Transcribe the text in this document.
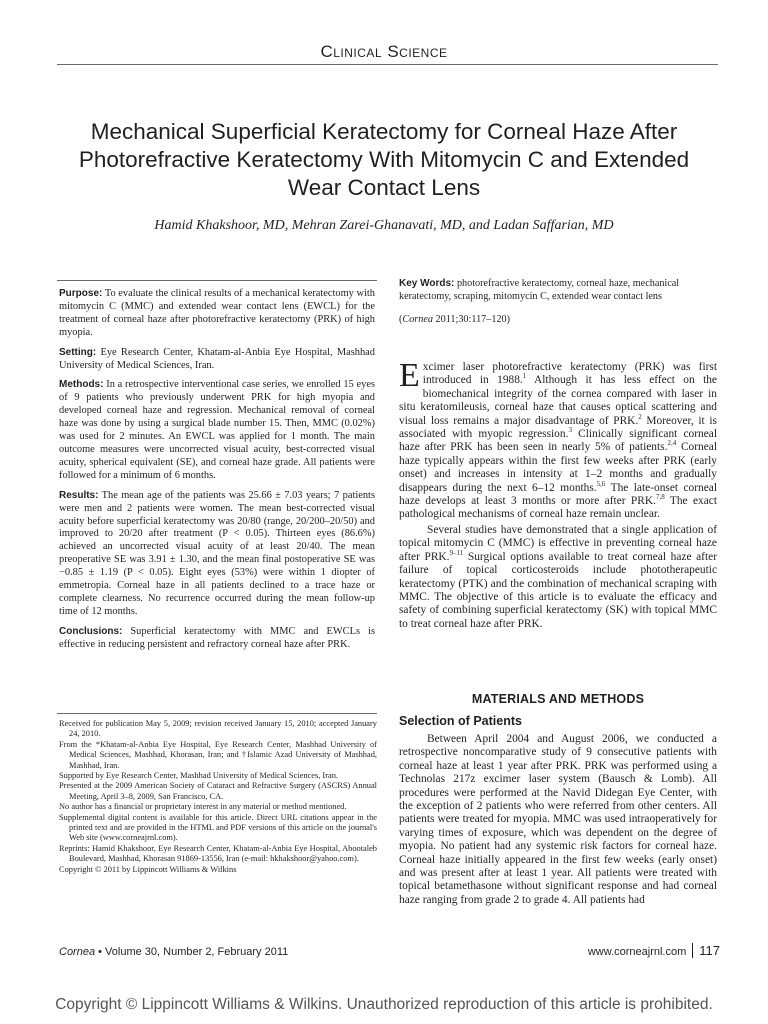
Clinical Science
Mechanical Superficial Keratectomy for Corneal Haze After Photorefractive Keratectomy With Mitomycin C and Extended Wear Contact Lens
Hamid Khakshoor, MD, Mehran Zarei-Ghanavati, MD, and Ladan Saffarian, MD

Purpose: To evaluate the clinical results of a mechanical keratectomy with mitomycin C (MMC) and extended wear contact lens (EWCL) for the treatment of corneal haze after photorefractive keratectomy (PRK) of high myopia.

Setting: Eye Research Center, Khatam-al-Anbia Eye Hospital, Mashhad University of Medical Sciences, Iran.

Methods: In a retrospective interventional case series, we enrolled 15 eyes of 9 patients who previously underwent PRK for high myopia and developed corneal haze and regression. Mechanical removal of corneal haze was done by using a surgical blade number 15. Then, MMC (0.02%) was used for 2 minutes. An EWCL was applied for 1 month. The main outcome measures were uncorrected visual acuity, best-corrected visual acuity, spherical equivalent (SE), and corneal haze grade. All patients were followed for a minimum of 6 months.

Results: The mean age of the patients was 25.66 ± 7.03 years; 7 patients were men and 2 patients were women. The mean best-corrected visual acuity before superficial keratectomy was 20/80 (range, 20/200–20/50) and improved to 20/20 after treatment (P < 0.05). Thirteen eyes (86.6%) achieved an uncorrected visual acuity of at least 20/40. The mean preoperative SE was 3.91 ± 1.30, and the mean final postoperative SE was −0.85 ± 1.19 (P < 0.05). Eight eyes (53%) were within 1 diopter of emmetropia. Corneal haze in all patients declined to a trace haze or complete clearness. No recurrence occurred during the mean follow-up time of 12 months.

Conclusions: Superficial keratectomy with MMC and EWCLs is effective in reducing persistent and refractory corneal haze after PRK.

Received for publication May 5, 2009; revision received January 15, 2010; accepted January 24, 2010.

From the *Khatam-al-Anbia Eye Hospital, Eye Research Center, Mashhad University of Medical Sciences, Mashhad, Khorasan, Iran; and †Islamic Azad University of Mashhad, Mashhad, Iran.

Supported by Eye Research Center, Mashhad University of Medical Sciences, Iran.

Presented at the 2009 American Society of Cataract and Refractive Surgery (ASCRS) Annual Meeting, April 3–8, 2009, San Francisco, CA.

No author has a financial or proprietary interest in any material or method mentioned.

Supplemental digital content is available for this article. Direct URL citations appear in the printed text and are provided in the HTML and PDF versions of this article on the journal's Web site (www.corneajrnl.com).

Reprints: Hamid Khakshoor, Eye Research Center, Khatam-al-Anbia Eye Hospital, Abootaleb Boulevard, Mashhad, Khorasan 91869-13556, Iran (e-mail: hkhakshoor@yahoo.com).

Copyright © 2011 by Lippincott Williams & Wilkins

Key Words: photorefractive keratectomy, corneal haze, mechanical keratectomy, scraping, mitomycin C, extended wear contact lens
(Cornea 2011;30:117–120)

Excimer laser photorefractive keratectomy (PRK) was first introduced in 1988.$^1$ Although it has less effect on the biomechanical integrity of the cornea compared with laser in situ keratomileusis, corneal haze that causes optical scattering and visual loss remains a major disadvantage of PRK.$^2$ Moreover, it is associated with myopic regression.$^3$ Clinically significant corneal haze after PRK has been seen in nearly 5% of patients.$^{2,4}$ Corneal haze typically appears within the first few weeks after PRK (early onset) and increases in intensity at 1–2 months and gradually disappears during the next 6–12 months.$^{5,6}$ The late-onset corneal haze develops at least 3 months or more after PRK.$^{7,8}$ The exact pathological mechanisms of corneal haze remain unclear.

Several studies have demonstrated that a single application of topical mitomycin C (MMC) is effective in preventing corneal haze after PRK.$^{9-11}$ Surgical options available to treat corneal haze after failure of topical corticosteroids include phototherapeutic keratectomy (PTK) and the combination of mechanical scraping with MMC. The objective of this article is to evaluate the efficacy and safety of combining superficial keratectomy (SK) with topical MMC to treat corneal haze after PRK.

MATERIALS AND METHODS
Selection of Patients

Between April 2004 and August 2006, we conducted a retrospective noncomparative study of 9 consecutive patients with corneal haze at least 1 year after PRK. PRK was performed using a Technolas 217z excimer laser system (Bausch & Lomb). All procedures were performed at the Navid Didegan Eye Center, with the exception of 2 patients who were referred from other centers. All patients were treated for myopia. MMC was used intraoperatively for varying times of exposure, which was dependent on the degree of myopia. No patient had any systemic risk factors for corneal haze. Corneal haze initially appeared in the first few weeks (early onset) and was present after at least 1 year. All patients were treated with topical betamethasone without significant response and had corneal haze ranging from grade 2 to grade 4. All patients had

Cornea • Volume 30, Number 2, February 2011	www.corneajrnl.com 117
Copyright © Lippincott Williams & Wilkins. Unauthorized reproduction of this article is prohibited.
